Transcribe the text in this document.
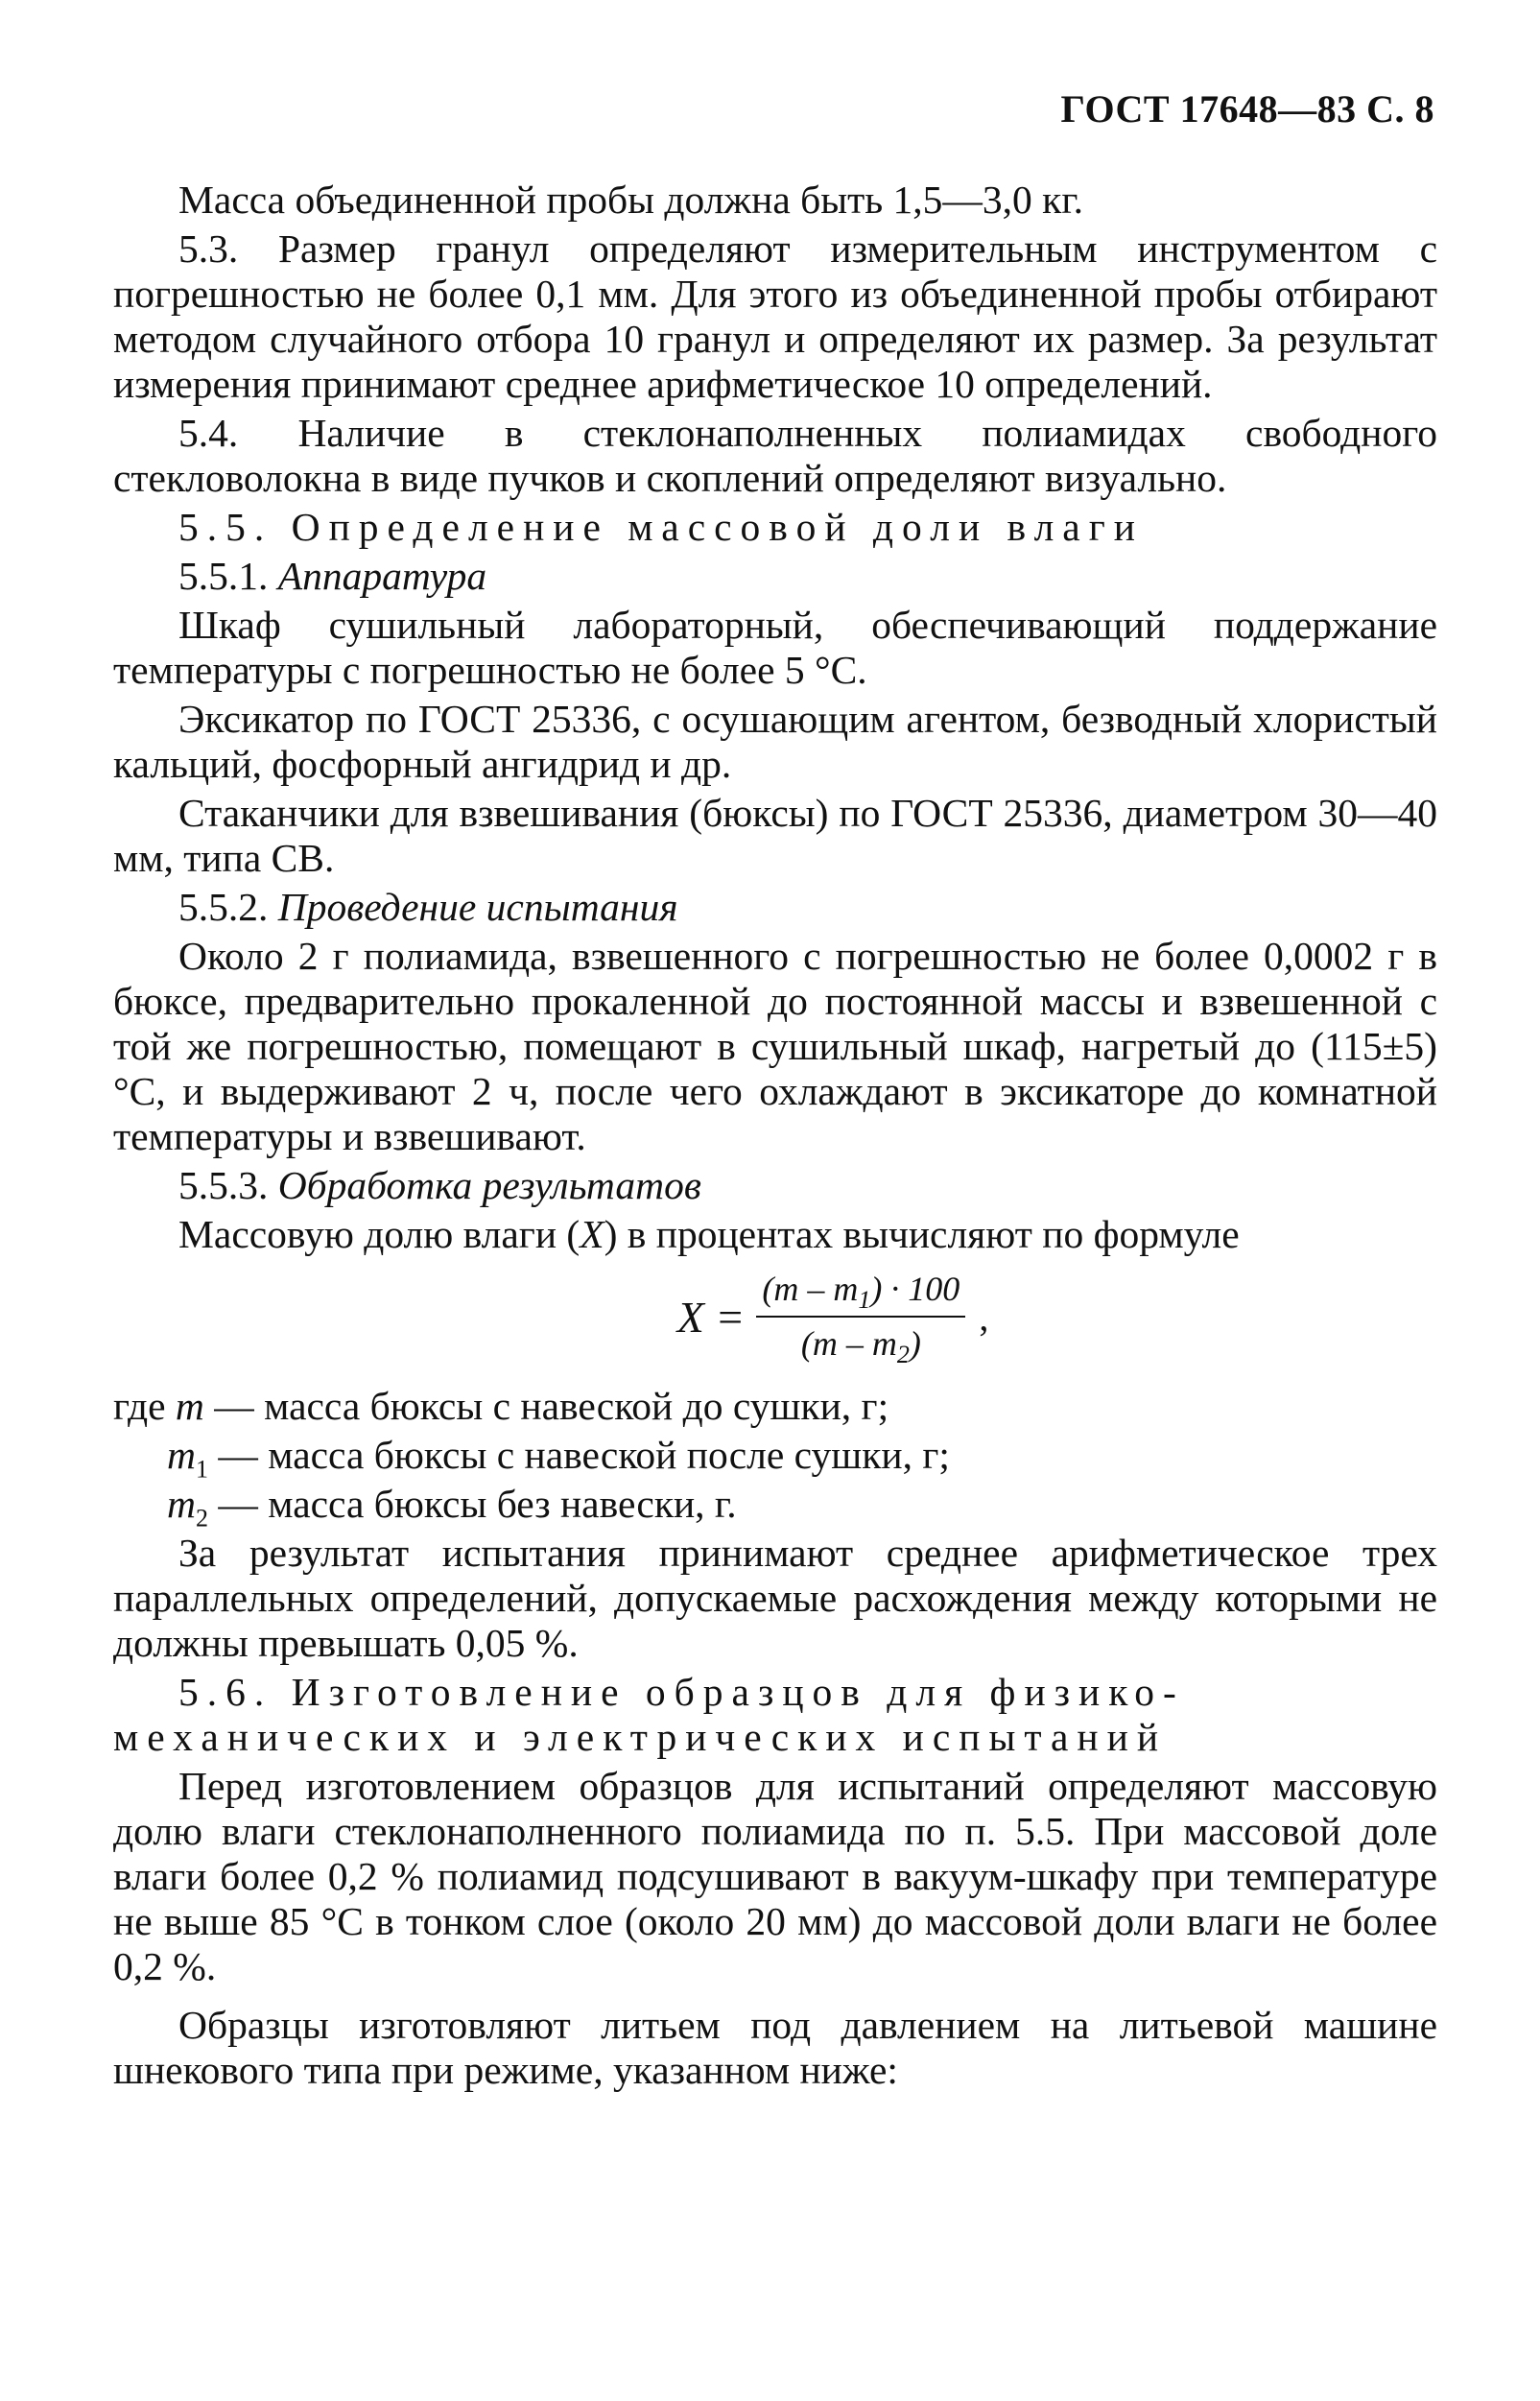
ГОСТ 17648—83 С. 8

Масса объединенной пробы должна быть 1,5—3,0 кг.

5.3. Размер гранул определяют измерительным инструментом с погрешностью не более 0,1 мм. Для этого из объединенной пробы отбирают методом случайного отбора 10 гранул и определяют их размер. За результат измерения принимают среднее арифметическое 10 определений.

5.4. Наличие в стеклонаполненных полиамидах свободного стекловолокна в виде пучков и скоплений определяют визуально.

5.5. Определение массовой доли влаги

5.5.1. Аппаратура

Шкаф сушильный лабораторный, обеспечивающий поддержание температуры с погрешностью не более 5 °С.

Эксикатор по ГОСТ 25336, с осушающим агентом, безводный хлористый кальций, фосфорный ангидрид и др.

Стаканчики для взвешивания (бюксы) по ГОСТ 25336, диаметром 30—40 мм, типа СВ.

5.5.2. Проведение испытания

Около 2 г полиамида, взвешенного с погрешностью не более 0,0002 г в бюксе, предварительно прокаленной до постоянной массы и взвешенной с той же погрешностью, помещают в сушильный шкаф, нагретый до (115±5) °С, и выдерживают 2 ч, после чего охлаждают в эксикаторе до комнатной температуры и взвешивают.

5.5.3. Обработка результатов

Массовую долю влаги (X) в процентах вычисляют по формуле

$X = \frac{(m - m_1) \cdot 100}{(m - m_2)}$ ,

где m — масса бюксы с навеской до сушки, г;

$m_1$ — масса бюксы с навеской после сушки, г;

$m_2$ — масса бюксы без навески, г.

За результат испытания принимают среднее арифметическое трех параллельных определений, допускаемые расхождения между которыми не должны превышать 0,05 %.

5.6. Изготовление образцов для физико-механических и электрических испытаний

Перед изготовлением образцов для испытаний определяют массовую долю влаги стеклонаполненного полиамида по п. 5.5. При массовой доле влаги более 0,2 % полиамид подсушивают в вакуум-шкафу при температуре не выше 85 °С в тонком слое (около 20 мм) до массовой доли влаги не более 0,2 %.

Образцы изготовляют литьем под давлением на литьевой машине шнекового типа при режиме, указанном ниже:
